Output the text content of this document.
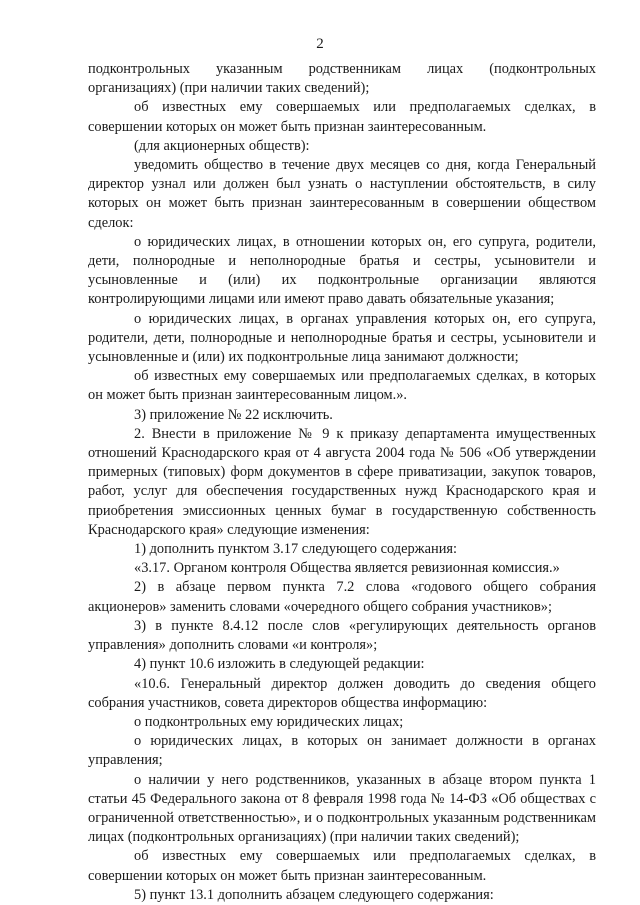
2

подконтрольных указанным родственникам лицах (подконтрольных организациях) (при наличии таких сведений);

об известных ему совершаемых или предполагаемых сделках, в совершении которых он может быть признан заинтересованным.

(для акционерных обществ):

уведомить общество в течение двух месяцев со дня, когда Генеральный директор узнал или должен был узнать о наступлении обстоятельств, в силу которых он может быть признан заинтересованным в совершении обществом сделок:

о юридических лицах, в отношении которых он, его супруга, родители, дети, полнородные и неполнородные братья и сестры, усыновители и усыновленные и (или) их подконтрольные организации являются контролирующими лицами или имеют право давать обязательные указания;

о юридических лицах, в органах управления которых он, его супруга, родители, дети, полнородные и неполнородные братья и сестры, усыновители и усыновленные и (или) их подконтрольные лица занимают должности;

об известных ему совершаемых или предполагаемых сделках, в которых он может быть признан заинтересованным лицом.».

3) приложение № 22 исключить.

2. Внести в приложение № 9 к приказу департамента имущественных отношений Краснодарского края от 4 августа 2004 года № 506 «Об утверждении примерных (типовых) форм документов в сфере приватизации, закупок товаров, работ, услуг для обеспечения государственных нужд Краснодарского края и приобретения эмиссионных ценных бумаг в государственную собственность Краснодарского края» следующие изменения:

1) дополнить пунктом 3.17 следующего содержания:

«3.17. Органом контроля Общества является ревизионная комиссия.»

2) в абзаце первом пункта 7.2 слова «годового общего собрания акционеров» заменить словами «очередного общего собрания участников»;

3) в пункте 8.4.12 после слов «регулирующих деятельность органов управления» дополнить словами «и контроля»;

4) пункт 10.6 изложить в следующей редакции:

«10.6. Генеральный директор должен доводить до сведения общего собрания участников, совета директоров общества информацию:

о подконтрольных ему юридических лицах;

о юридических лицах, в которых он занимает должности в органах управления;

о наличии у него родственников, указанных в абзаце втором пункта 1 статьи 45 Федерального закона от 8 февраля 1998 года № 14-ФЗ «Об обществах с ограниченной ответственностью», и о подконтрольных указанным родственникам лицах (подконтрольных организациях) (при наличии таких сведений);

об известных ему совершаемых или предполагаемых сделках, в совершении которых он может быть признан заинтересованным.

5) пункт 13.1 дополнить абзацем следующего содержания:
